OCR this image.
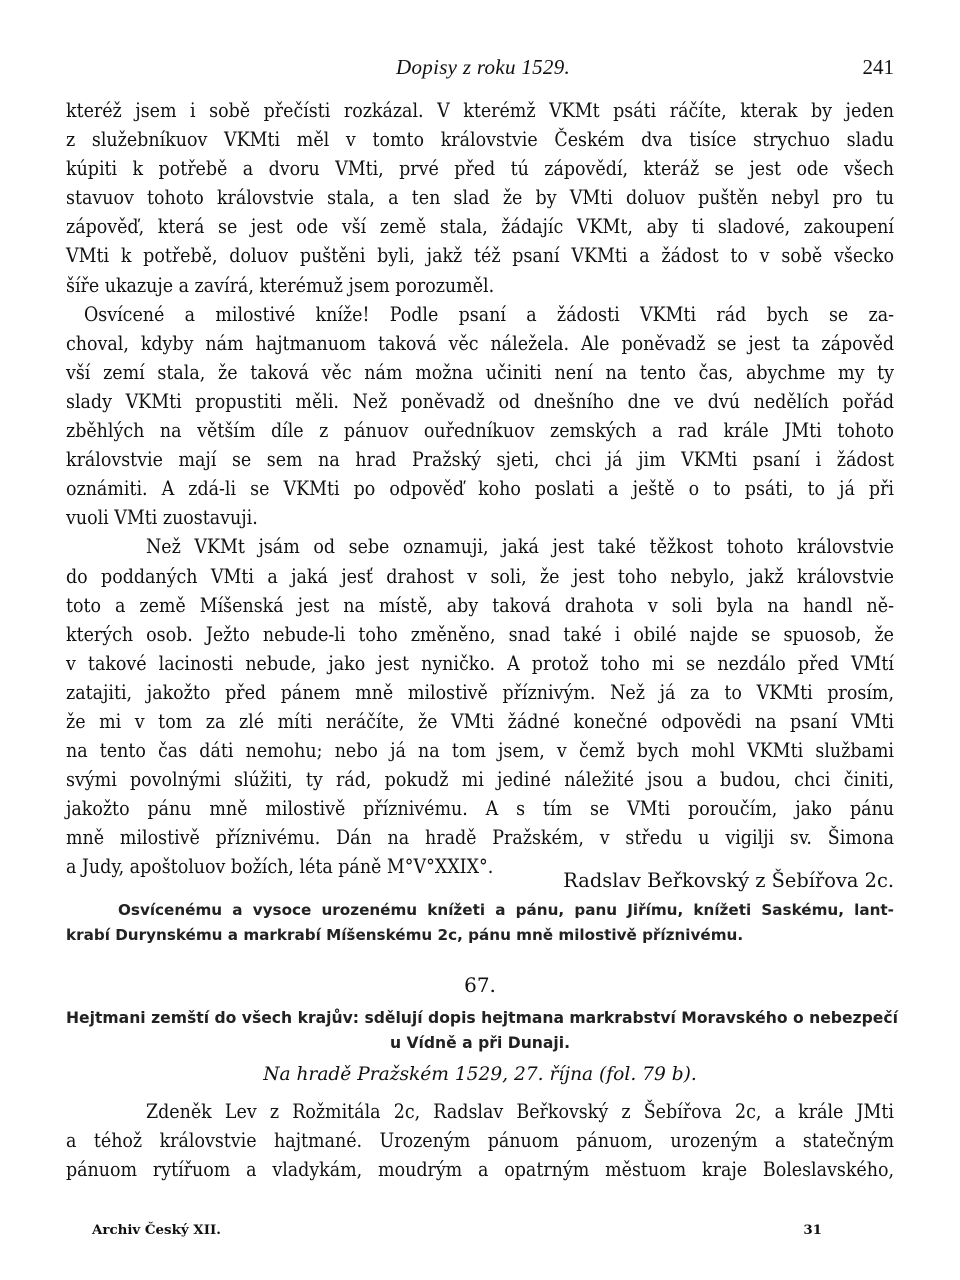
Dopisy z roku 1529.	241

kteréž jsem i sobě přečísti rozkázal. V kterémž VKMt psáti ráčíte, kterak by jeden
z služebníkuov VKMti měl v tomto královstvie Českém dva tisíce strychuo sladu
kúpiti k potřebě a dvoru VMti, prvé před tú zápovědí, kteráž se jest ode všech
stavuov tohoto královstvie stala, a ten slad že by VMti doluov puštěn nebyl pro tu
zápověď, která se jest ode vší země stala, žádajíc VKMt, aby ti sladové, zakoupení
VMti k potřebě, doluov puštěni byli, jakž též psaní VKMti a žádost to v sobě všecko
šíře ukazuje a zavírá, kterémuž jsem porozuměl.

Osvícené a milostivé kníže! Podle psaní a žádosti VKMti rád bych se za-
choval, kdyby nám hajtmanuom taková věc náležela. Ale poněvadž se jest ta zápověd
vší zemí stala, že taková věc nám možna učiniti není na tento čas, abychme my ty
slady VKMti propustiti měli. Než poněvadž od dnešního dne ve dvú nedělích pořád
zběhlých na větším díle z pánuov ouředníkuov zemských a rad krále JMti tohoto
královstvie mají se sem na hrad Pražský sjeti, chci já jim VKMti psaní i žádost
oznámiti. A zdá-li se VKMti po odpověď koho poslati a ještě o to psáti, to já při
vuoli VMti zuostavuji.

Než VKMt jsám od sebe oznamuji, jaká jest také těžkost tohoto královstvie
do poddaných VMti a jaká jesť drahost v soli, že jest toho nebylo, jakž královstvie
toto a země Míšenská jest na místě, aby taková drahota v soli byla na handl ně-
kterých osob. Ježto nebude-li toho změněno, snad také i obilé najde se spuosob, že
v takové lacinosti nebude, jako jest nyničko. A protož toho mi se nezdálo před VMtí
zatajiti, jakožto před pánem mně milostivě příznivým. Než já za to VKMti prosím,
že mi v tom za zlé míti neráčíte, že VMti žádné konečné odpovědi na psaní VMti
na tento čas dáti nemohu; nebo já na tom jsem, v čemž bych mohl VKMti službami
svými povolnými slúžiti, ty rád, pokudž mi jediné náležité jsou a budou, chci činiti,
jakožto pánu mně milostivě příznivému. A s tím se VMti poroučím, jako pánu
mně milostivě příznivému. Dán na hradě Pražském, v středu u vigilji sv. Šimona
a Judy, apoštoluov božích, léta páně M°V°XXIX°.

Radslav Beřkovský z Šebířova 2c.
Osvícenému a vysoce urozenému knížeti a pánu, panu Jiřímu, knížeti Saskému, lant-
krabí Durynskému a markrabí Míšenskému 2c, pánu mně milostivě příznivému.
67.
Hejtmani zemští do všech krajův: sdělují dopis hejtmana markrabství Moravského o nebezpečí
u Vídně a při Dunaji.
Na hradě Pražském 1529, 27. října (fol. 79 b).

Zdeněk Lev z Rožmitála 2c, Radslav Beřkovský z Šebířova 2c, a krále JMti
a téhož královstvie hajtmané. Urozeným pánuom pánuom, urozeným a statečným
pánuom rytířuom a vladykám, moudrým a opatrným městuom kraje Boleslavského,

Archiv Český XII.	31
